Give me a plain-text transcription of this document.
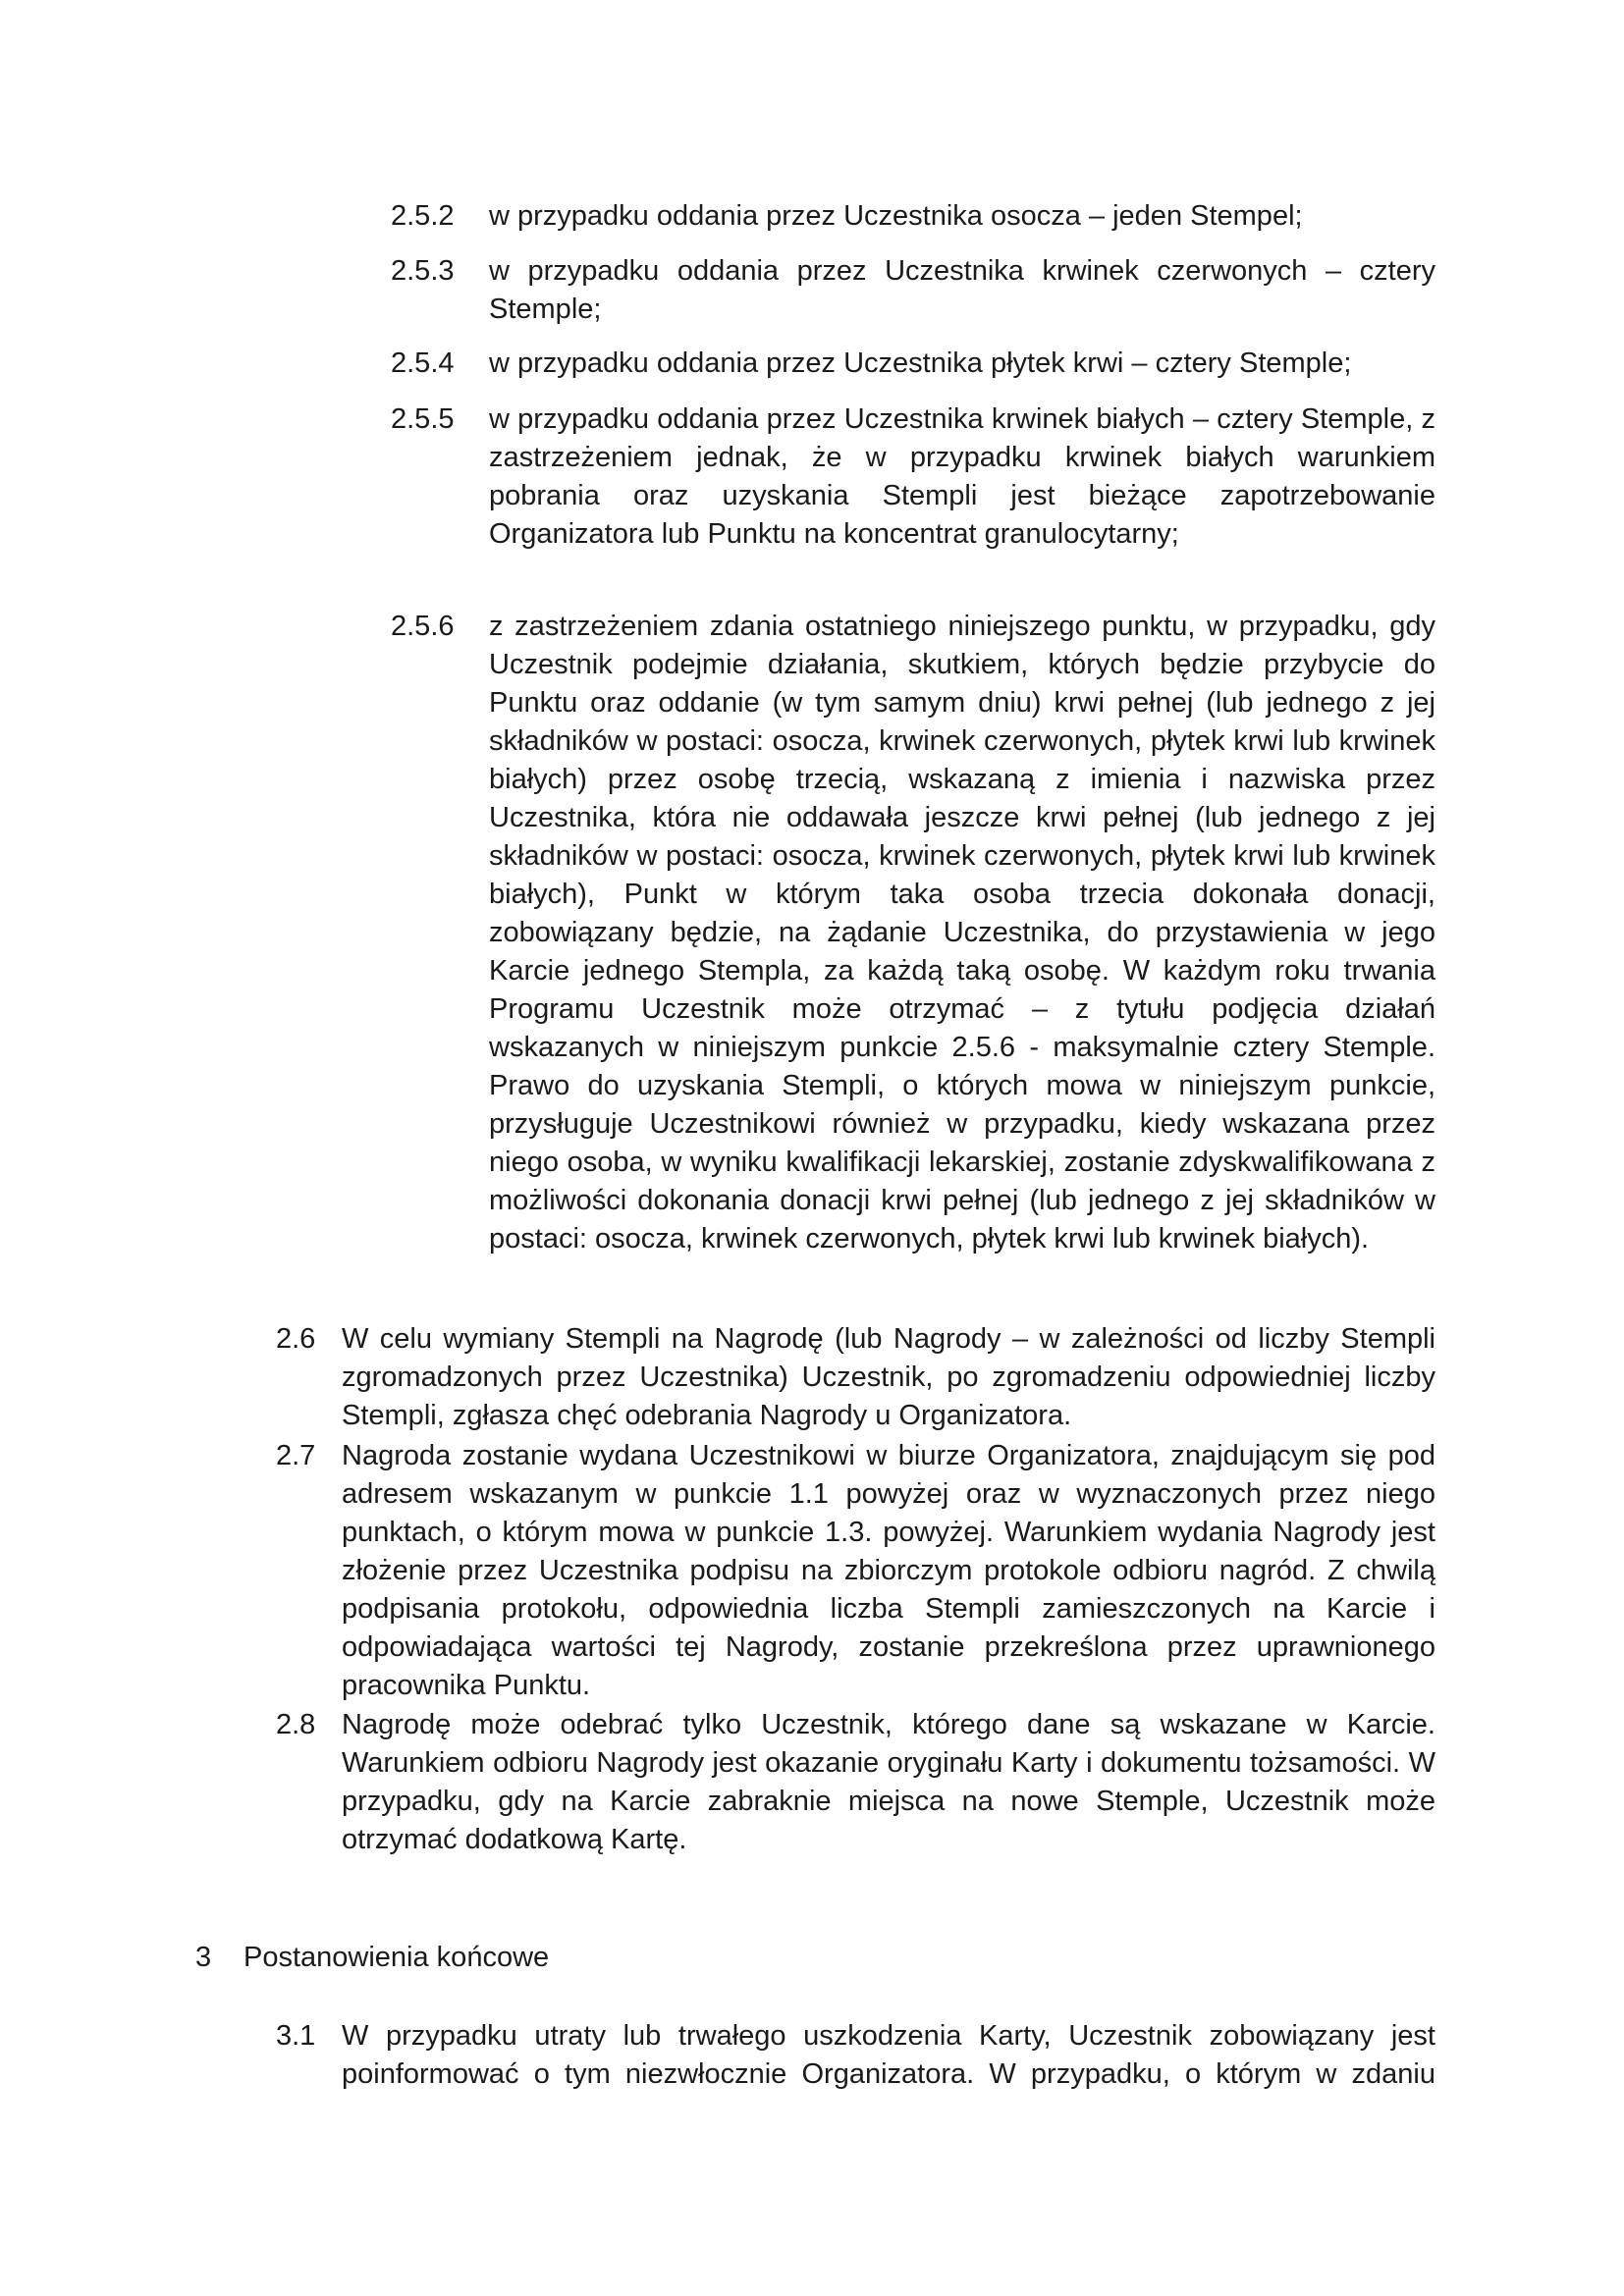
2.5.2	w przypadku oddania przez Uczestnika osocza – jeden Stempel;
2.5.3	w przypadku oddania przez Uczestnika krwinek czerwonych – cztery Stemple;
2.5.4	w przypadku oddania przez Uczestnika płytek krwi – cztery Stemple;
2.5.5	w przypadku oddania przez Uczestnika krwinek białych – cztery Stemple, z zastrzeżeniem jednak, że w przypadku krwinek białych warunkiem pobrania oraz uzyskania Stempli jest bieżące zapotrzebowanie Organizatora lub Punktu na koncentrat granulocytarny;
2.5.6	z zastrzeżeniem zdania ostatniego niniejszego punktu, w przypadku, gdy Uczestnik podejmie działania, skutkiem, których będzie przybycie do Punktu oraz oddanie (w tym samym dniu) krwi pełnej (lub jednego z jej składników w postaci: osocza, krwinek czerwonych, płytek krwi lub krwinek białych) przez osobę trzecią, wskazaną z imienia i nazwiska przez Uczestnika, która nie oddawała jeszcze krwi pełnej (lub jednego z jej składników w postaci: osocza, krwinek czerwonych, płytek krwi lub krwinek białych), Punkt w którym taka osoba trzecia dokonała donacji, zobowiązany będzie, na żądanie Uczestnika, do przystawienia w jego Karcie jednego Stempla, za każdą taką osobę. W każdym roku trwania Programu Uczestnik może otrzymać – z tytułu podjęcia działań wskazanych w niniejszym punkcie 2.5.6 - maksymalnie cztery Stemple. Prawo do uzyskania Stempli, o których mowa w niniejszym punkcie, przysługuje Uczestnikowi również w przypadku, kiedy wskazana przez niego osoba, w wyniku kwalifikacji lekarskiej, zostanie zdyskwalifikowana z możliwości dokonania donacji krwi pełnej (lub jednego z jej składników w postaci: osocza, krwinek czerwonych, płytek krwi lub krwinek białych).
2.6 W celu wymiany Stempli na Nagrodę (lub Nagrody – w zależności od liczby Stempli zgromadzonych przez Uczestnika) Uczestnik, po zgromadzeniu odpowiedniej liczby Stempli, zgłasza chęć odebrania Nagrody u Organizatora.
2.7 Nagroda zostanie wydana Uczestnikowi w biurze Organizatora, znajdującym się pod adresem wskazanym w punkcie 1.1 powyżej oraz w wyznaczonych przez niego punktach, o którym mowa w punkcie 1.3. powyżej. Warunkiem wydania Nagrody jest złożenie przez Uczestnika podpisu na zbiorczym protokole odbioru nagród. Z chwilą podpisania protokołu, odpowiednia liczba Stempli zamieszczonych na Karcie i odpowiadająca wartości tej Nagrody, zostanie przekreślona przez uprawnionego pracownika Punktu.
2.8 Nagrodę może odebrać tylko Uczestnik, którego dane są wskazane w Karcie. Warunkiem odbioru Nagrody jest okazanie oryginału Karty i dokumentu tożsamości. W przypadku, gdy na Karcie zabraknie miejsca na nowe Stemple, Uczestnik może otrzymać dodatkową Kartę.
3	Postanowienia końcowe
3.1 W przypadku utraty lub trwałego uszkodzenia Karty, Uczestnik zobowiązany jest poinformować o tym niezwłocznie Organizatora. W przypadku, o którym w zdaniu
